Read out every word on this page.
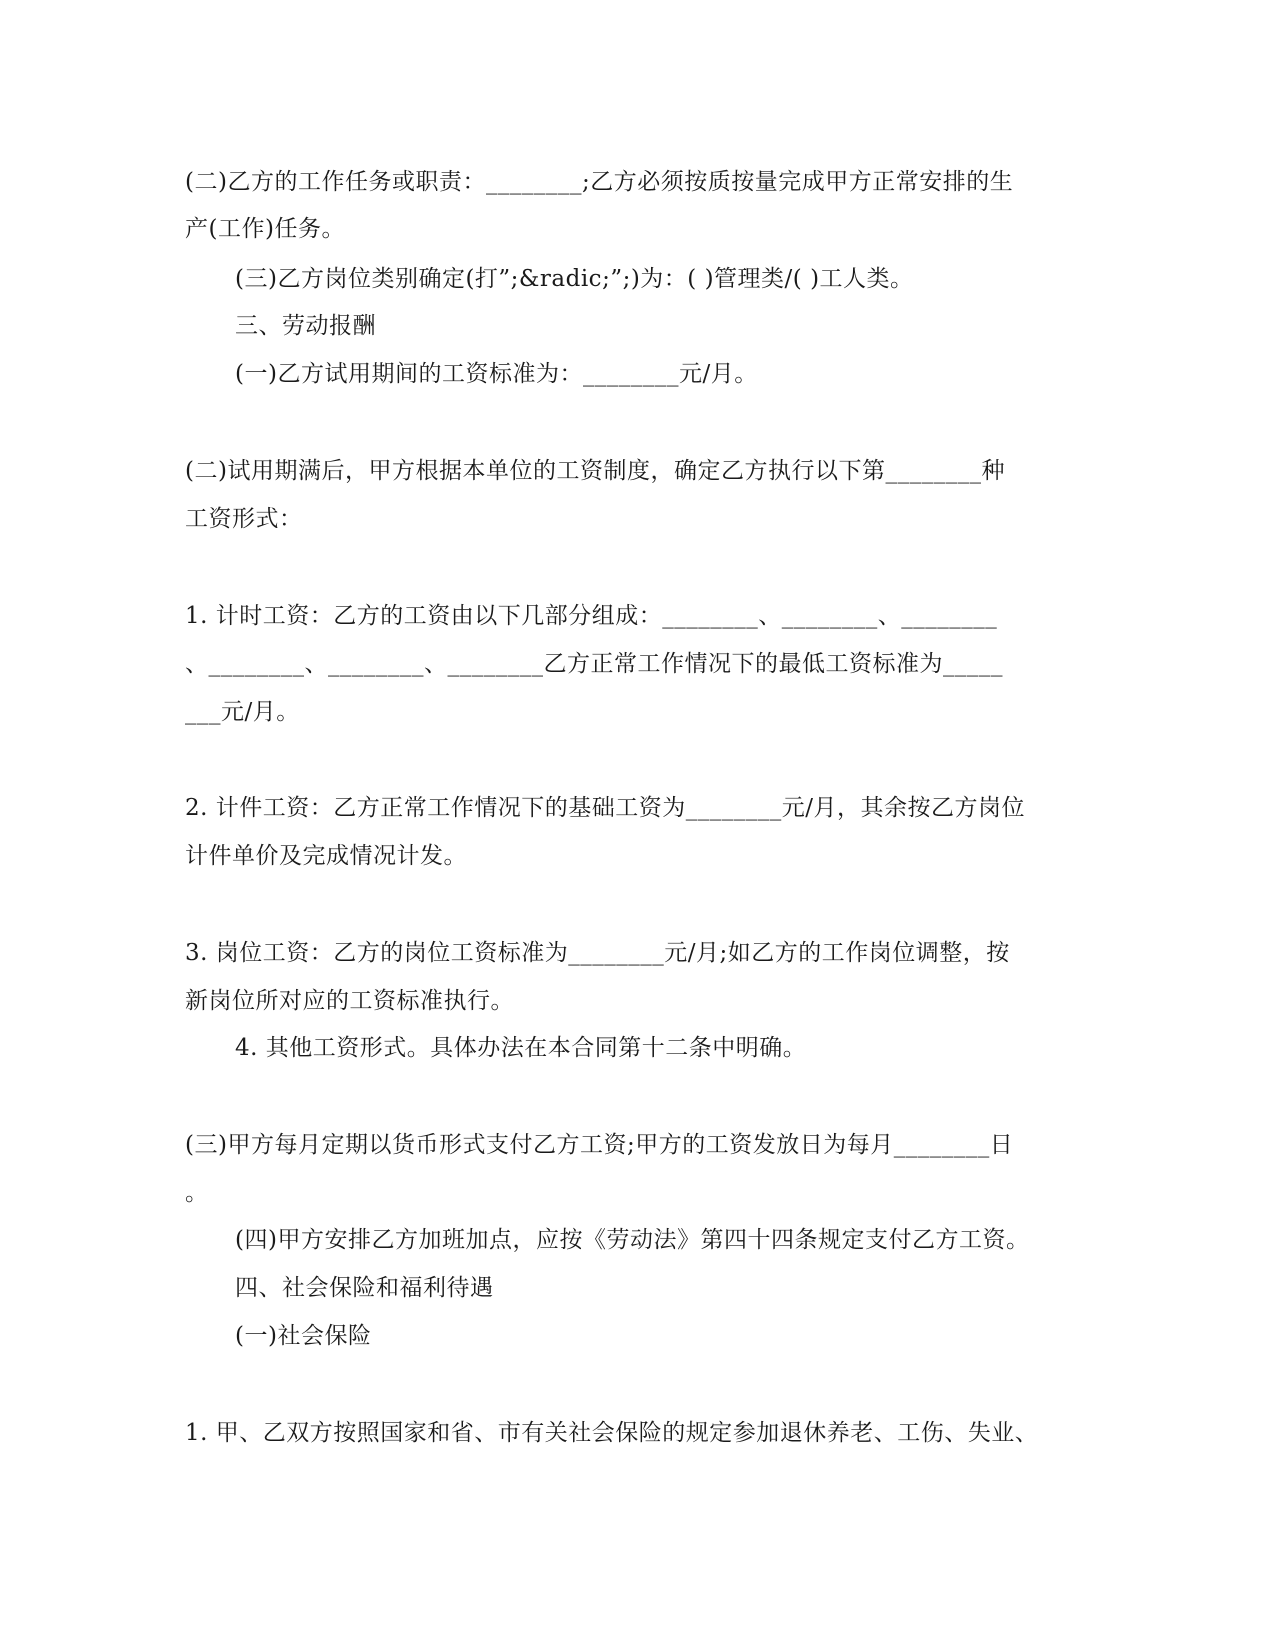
(二)乙方的工作任务或职责：________;乙方必须按质按量完成甲方正常安排的生
产(工作)任务。
(三)乙方岗位类别确定(打”;&radic;”;)为：( )管理类/( )工人类。
三、劳动报酬
(一)乙方试用期间的工资标准为：________元/月。
(二)试用期满后，甲方根据本单位的工资制度，确定乙方执行以下第________种
工资形式：
1. 计时工资：乙方的工资由以下几部分组成：________、________、________
、________、________、________乙方正常工作情况下的最低工资标准为_____
___元/月。
2. 计件工资：乙方正常工作情况下的基础工资为________元/月，其余按乙方岗位
计件单价及完成情况计发。
3. 岗位工资：乙方的岗位工资标准为________元/月;如乙方的工作岗位调整，按
新岗位所对应的工资标准执行。
4. 其他工资形式。具体办法在本合同第十二条中明确。
(三)甲方每月定期以货币形式支付乙方工资;甲方的工资发放日为每月________日
。
(四)甲方安排乙方加班加点，应按《劳动法》第四十四条规定支付乙方工资。
四、社会保险和福利待遇
(一)社会保险
1. 甲、乙双方按照国家和省、市有关社会保险的规定参加退休养老、工伤、失业、
